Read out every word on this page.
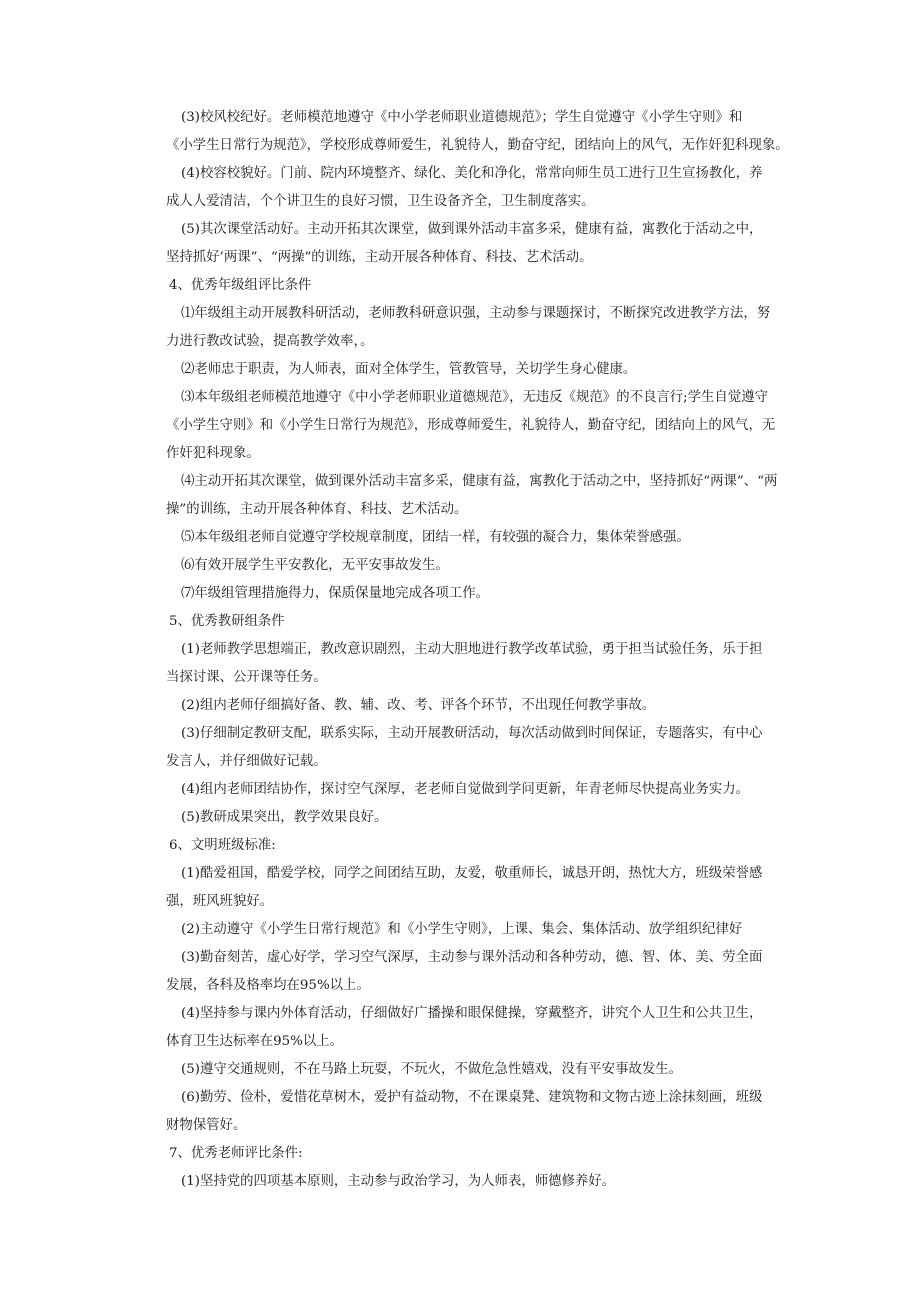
(3)校风校纪好。老师模范地遵守《中小学老师职业道德规范》；学生自觉遵守《小学生守则》和
《小学生日常行为规范》，学校形成尊师爱生，礼貌待人，勤奋守纪，团结向上的风气，无作奸犯科现象。
(4)校容校貌好。门前、院内环境整齐、绿化、美化和净化，常常向师生员工进行卫生宣扬教化，养
成人人爱清洁，个个讲卫生的良好习惯，卫生设备齐全，卫生制度落实。
(5)其次课堂活动好。主动开拓其次课堂，做到课外活动丰富多采，健康有益，寓教化于活动之中，
坚持抓好’两课”、“两操”的训练，主动开展各种体育、科技、艺术活动。
4、优秀年级组评比条件
⑴年级组主动开展教科研活动，老师教科研意识强，主动参与课题探讨，不断探究改进教学方法，努
力进行教改试验，提高教学效率，。
⑵老师忠于职责，为人师表，面对全体学生，管教管导，关切学生身心健康。
⑶本年级组老师模范地遵守《中小学老师职业道德规范》，无违反《规范》的不良言行;学生自觉遵守
《小学生守则》和《小学生日常行为规范》，形成尊师爱生，礼貌待人，勤奋守纪，团结向上的风气，无
作奸犯科现象。
⑷主动开拓其次课堂，做到课外活动丰富多采，健康有益，寓教化于活动之中，坚持抓好“两课”、“两
操”的训练，主动开展各种体育、科技、艺术活动。
⑸本年级组老师自觉遵守学校规章制度，团结一样，有较强的凝合力，集体荣誉感强。
⑹有效开展学生平安教化，无平安事故发生。
⑺年级组管理措施得力，保质保量地完成各项工作。
5、优秀教研组条件
(1)老师教学思想端正，教改意识剧烈，主动大胆地进行教学改革试验，勇于担当试验任务，乐于担
当探讨课、公开课等任务。
(2)组内老师仔细搞好备、教、辅、改、考、评各个环节，不出现任何教学事故。
(3)仔细制定教研支配，联系实际，主动开展教研活动，每次活动做到时间保证，专题落实，有中心
发言人，并仔细做好记载。
(4)组内老师团结协作，探讨空气深厚，老老师自觉做到学问更新，年青老师尽快提高业务实力。
(5)教研成果突出，教学效果良好。
6、文明班级标准:
(1)酷爱祖国，酷爱学校，同学之间团结互助，友爱，敬重师长，诚恳开朗，热忱大方，班级荣誉感
强，班风班貌好。
(2)主动遵守《小学生日常行规范》和《小学生守则》，上课、集会、集体活动、放学组织纪律好
(3)勤奋刻苦，虚心好学，学习空气深厚，主动参与课外活动和各种劳动，德、智、体、美、劳全面
发展，各科及格率均在95%以上。
(4)坚持参与课内外体育活动，仔细做好广播操和眼保健操，穿戴整齐，讲究个人卫生和公共卫生，
体育卫生达标率在95%以上。
(5)遵守交通规则，不在马路上玩耍，不玩火，不做危急性嬉戏，没有平安事故发生。
(6)勤劳、俭朴，爱惜花草树木，爱护有益动物，不在课桌凳、建筑物和文物古迹上涂抹刻画，班级
财物保管好。
7、优秀老师评比条件:
(1)坚持党的四项基本原则，主动参与政治学习，为人师表，师德修养好。
